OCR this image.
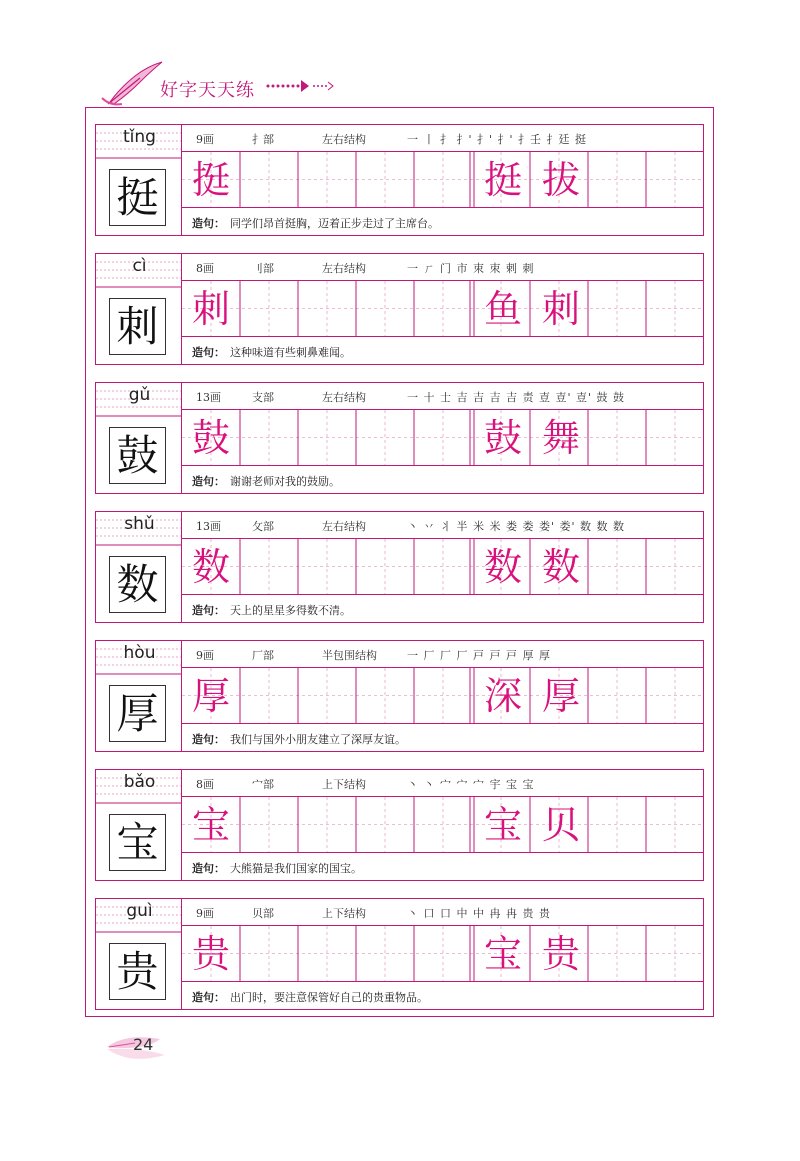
好字天天练
tǐng
挺
9画	扌部	左右结构	一 丨 扌 扌' 扌' 扌' 扌壬 扌廷 挺
挺	挺 拔
造句： 同学们昂首挺胸，迈着正步走过了主席台。
cì
刺
8画	刂部	左右结构	一 ㄏ 门 市 朿 朿 剌 刺
刺	鱼 刺
造句： 这种味道有些刺鼻难闻。
gǔ
鼓
13画	支部	左右结构	一 十 士 吉 吉 吉 吉 责 壴 壴' 壴' 鼓 鼓
鼓	鼓 舞
造句： 谢谢老师对我的鼓励。
shǔ
数
13画	攵部	左右结构	丶 丷 丬 半 米 米 娄 娄 娄' 娄' 数 数 数
数	数 数
造句： 天上的星星多得数不清。
hòu
厚
9画	厂部	半包围结构	一 厂 厂 厂 戸 戸 戸 厚 厚
厚	深 厚
造句： 我们与国外小朋友建立了深厚友谊。
bǎo
宝
8画	宀部	上下结构	丶 丶 宀 宀 宀 宇 宝 宝
宝	宝 贝
造句： 大熊猫是我们国家的国宝。
guì
贵
9画	贝部	上下结构	丶 口 口 中 中 冉 冉 贵 贵
贵	宝 贵
造句： 出门时，要注意保管好自己的贵重物品。
24
